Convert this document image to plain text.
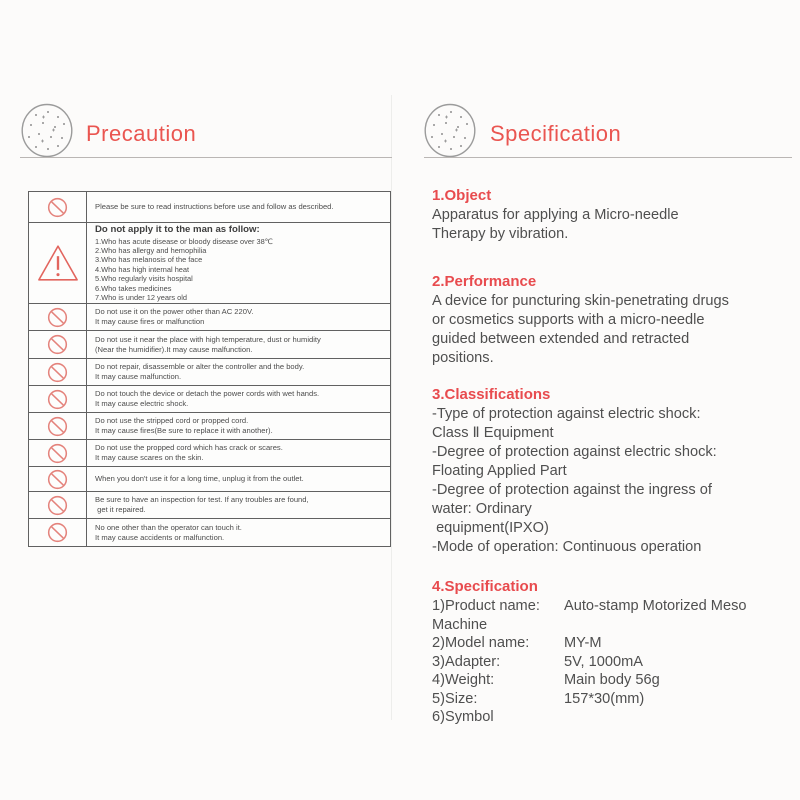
Precaution	Specification
Please be sure to read instructions before use and follow as described.
Do not apply it to the man as follow:
1.Who has acute disease or bloody disease over 38℃
2.Who has allergy and hemophilia
3.Who has melanosis of the face
4.Who has high internal heat
5.Who regularly visits hospital
6.Who takes medicines
7.Who is under 12 years old
Do not use it on the power other than AC 220V.
It may cause fires or malfunction
Do not use it near the place with high temperature, dust or humidity
(Near the humidifier).It may cause malfunction.
Do not repair, disassemble or alter the controller and the body.
It may cause malfunction.
Do not touch the device or detach the power cords with wet hands.
It may cause electric shock.
Do not use the stripped cord or propped cord.
It may cause fires(Be sure to replace it with another).
Do not use the propped cord which has crack or scares.
It may cause scares on the skin.
When you don't use it for a long time, unplug it from the outlet.
Be sure to have an inspection for test. If any troubles are found,
get it repaired.
No one other than the operator can touch it.
It may cause accidents or malfunction.

1.Object

Apparatus for applying a Micro-needle
Therapy by vibration.

2.Performance

A device for puncturing skin-penetrating drugs
or cosmetics supports with a micro-needle
guided between extended and retracted
positions.

3.Classifications

-Type of protection against electric shock:
Class Ⅱ Equipment
-Degree of protection against electric shock:
Floating Applied Part
-Degree of protection against the ingress of
water: Ordinary
equipment(IPXO)
-Mode of operation: Continuous operation

4.Specification

1)Product name: Auto-stamp Motorized Meso Machine
2)Model name: MY-M
3)Adapter:	5V, 1000mA
4)Weight:	Main body 56g
5)Size:	157*30(mm)
6)Symbol
